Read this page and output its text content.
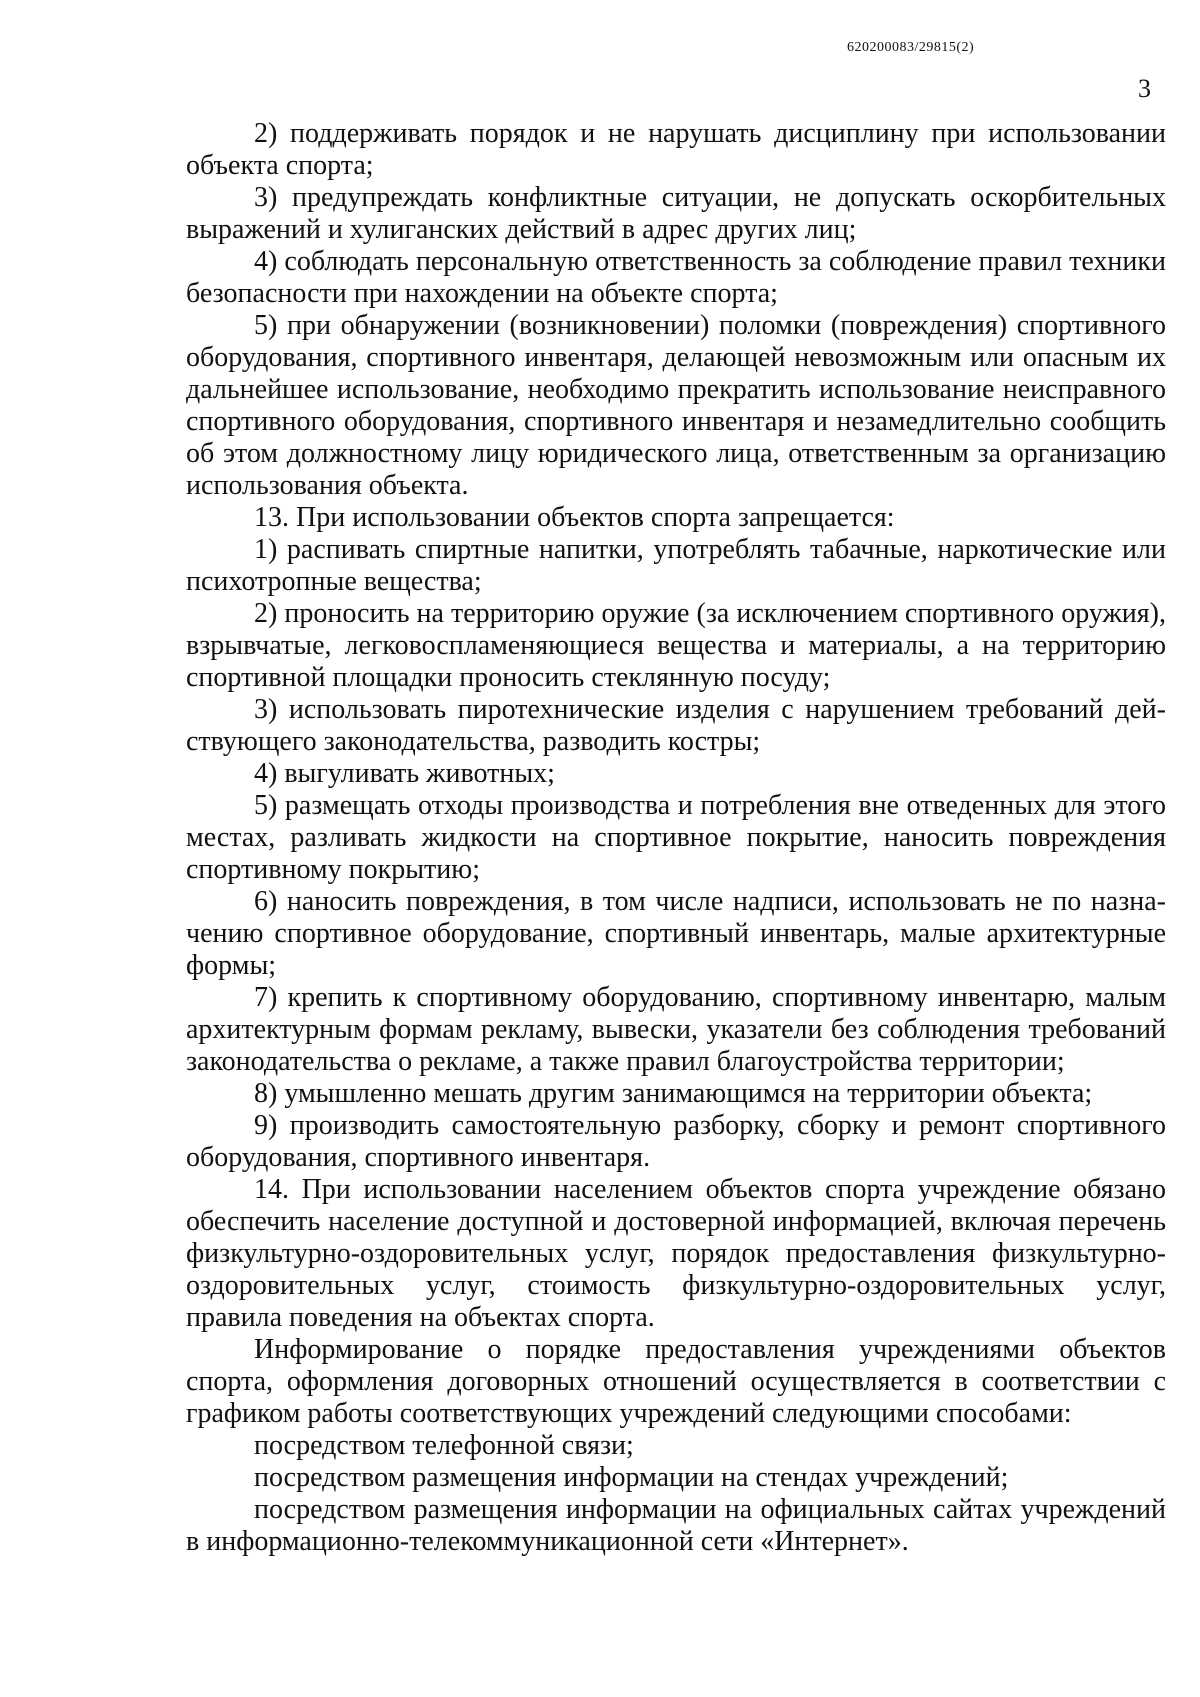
620200083/29815(2)
3

2) поддерживать порядок и не нарушать дисциплину при использовании объекта спорта;

3) предупреждать конфликтные ситуации, не допускать оскорбительных выражений и хулиганских действий в адрес других лиц;

4) соблюдать персональную ответственность за соблюдение правил техники безопасности при нахождении на объекте спорта;

5) при обнаружении (возникновении) поломки (повреждения) спортивного оборудования, спортивного инвентаря, делающей невозможным или опасным их дальнейшее использование, необходимо прекратить использование неисправного спортивного оборудования, спортивного инвентаря и незамедлительно сообщить об этом должностному лицу юридического лица, ответственным за организацию использования объекта.

13. При использовании объектов спорта запрещается:

1) распивать спиртные напитки, употреблять табачные, наркотические или психотропные вещества;

2) проносить на территорию оружие (за исключением спортивного оружия), взрывчатые, легковоспламеняющиеся вещества и материалы, а на территорию спортивной площадки проносить стеклянную посуду;

3) использовать пиротехнические изделия с нарушением требований действующего законодательства, разводить костры;

4) выгуливать животных;

5) размещать отходы производства и потребления вне отведенных для этого местах, разливать жидкости на спортивное покрытие, наносить повреждения спортивному покрытию;

6) наносить повреждения, в том числе надписи, использовать не по назначению спортивное оборудование, спортивный инвентарь, малые архитектурные формы;

7) крепить к спортивному оборудованию, спортивному инвентарю, малым архитектурным формам рекламу, вывески, указатели без соблюдения требований законодательства о рекламе, а также правил благоустройства территории;

8) умышленно мешать другим занимающимся на территории объекта;

9) производить самостоятельную разборку, сборку и ремонт спортивного оборудования, спортивного инвентаря.

14. При использовании населением объектов спорта учреждение обязано обеспечить население доступной и достоверной информацией, включая перечень физкультурно-оздоровительных услуг, порядок предоставления физкультурно-оздоровительных услуг, стоимость физкультурно-оздоровительных услуг, правила поведения на объектах спорта.

Информирование о порядке предоставления учреждениями объектов спорта, оформления договорных отношений осуществляется в соответствии с графиком работы соответствующих учреждений следующими способами:

посредством телефонной связи;

посредством размещения информации на стендах учреждений;

посредством размещения информации на официальных сайтах учреждений в информационно-телекоммуникационной сети «Интернет».
